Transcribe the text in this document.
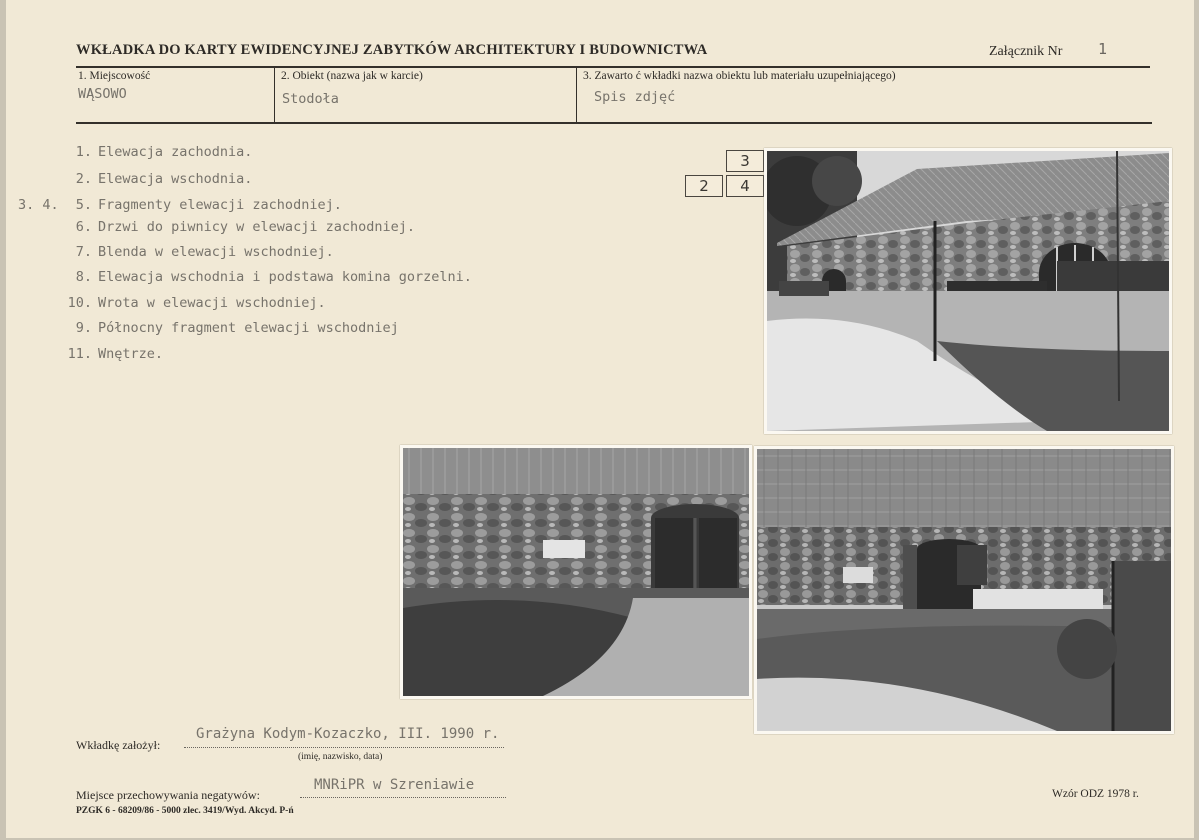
WKŁADKA DO KARTY EWIDENCYJNEJ ZABYTKÓW ARCHITEKTURY I BUDOWNICTWA	Załącznik Nr 1
1. Miejscowość
WĄSOWO
2. Obiekt (nazwa jak w karcie)
Stodoła
3. Zawarto ć wkładki nazwa obiektu lub materiału uzupełniającego)
Spis zdjęć
3. 4.
1. Elewacja zachodnia.
2. Elewacja wschodnia.
5. Fragmenty elewacji zachodniej.
6. Drzwi do piwnicy w elewacji zachodniej.
7. Blenda w elewacji wschodniej.
8. Elewacja wschodnia i podstawa komina gorzelni.
10. Wrota w elewacji wschodniej.
9. Północny fragment elewacji wschodniej
11. Wnętrze.
3
2	4
Wkładkę założył:
Grażyna Kodym-Kozaczko, III. 1990 r.
(imię, nazwisko, data)
Miejsce przechowywania negatywów:
MNRiPR w Szreniawie
PZGK 6 - 68209/86 - 5000 zlec. 3419/Wyd. Akcyd. P-ń
Wzór ODZ 1978 r.
